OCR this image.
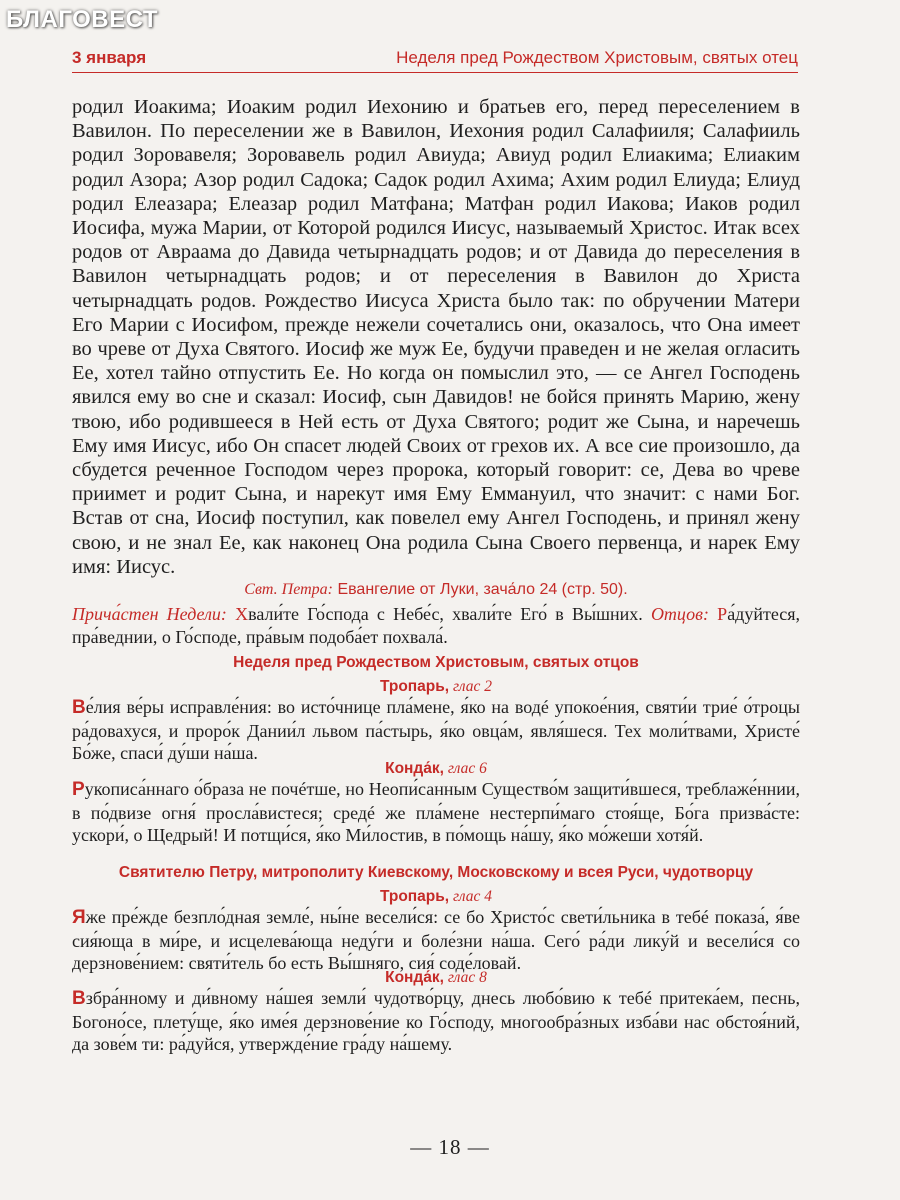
БЛАГОВЕСТ
3 января	Неделя пред Рождеством Христовым, святых отец
родил Иоакима; Иоаким родил Иехонию и братьев его, перед переселением в Вавилон. По переселении же в Вавилон, Иехония родил Салафииля; Салафииль родил Зоровавеля; Зоровавель родил Авиуда; Авиуд родил Елиакима; Елиаким родил Азора; Азор родил Садока; Садок родил Ахима; Ахим родил Елиуда; Елиуд родил Елеазара; Елеазар родил Матфана; Матфан родил Иакова; Иаков родил Иосифа, мужа Марии, от Которой родился Иисус, называемый Христос. Итак всех родов от Авраама до Давида четырнадцать родов; и от Давида до переселения в Вавилон четырнадцать родов; и от переселения в Вавилон до Христа четырнадцать родов. Рождество Иисуса Христа было так: по обручении Матери Его Марии с Иосифом, прежде нежели сочетались они, оказалось, что Она имеет во чреве от Духа Святого. Иосиф же муж Ее, будучи праведен и не желая огласить Ее, хотел тайно отпустить Ее. Но когда он помыслил это, — се Ангел Господень явился ему во сне и сказал: Иосиф, сын Давидов! не бойся принять Марию, жену твою, ибо родившееся в Ней есть от Духа Святого; родит же Сына, и наречешь Ему имя Иисус, ибо Он спасет людей Своих от грехов их. А все сие произошло, да сбудется реченное Господом через пророка, который говорит: се, Дева во чреве приимет и родит Сына, и нарекут имя Ему Еммануил, что значит: с нами Бог. Встав от сна, Иосиф поступил, как повелел ему Ангел Господень, и принял жену свою, и не знал Ее, как наконец Она родила Сына Своего первенца, и нарек Ему имя: Иисус.
Свт. Петра: Евангелие от Луки, зача́ло 24 (стр. 50).
Прича́стен Недели: Хвали́те Го́спода с Небе́с, хвали́те Его́ в Вы́шних. Отцов: Ра́дуйтеся, пра́веднии, о Го́споде, пра́вым подоба́ет похвала́.
Неделя пред Рождеством Христовым, святых отцов
Тропарь, глас 2
Ве́лия ве́ры исправле́ния: во исто́чнице пла́мене, я́ко на водé упокое́ния, святи́и трие́ о́троцы ра́довахуся, и проро́к Дании́л львом па́стырь, я́ко овца́м, явля́шеся. Тех моли́твами, Христе́ Бо́же, спаси́ ду́ши на́ша.
Конда́к, глас 6
Рукописа́ннаго о́браза не почéтше, но Неопи́санным Существо́м защити́вшеся, треблаже́ннии, в по́двизе огня́ просла́вистеся; средé же пла́мене нестерпи́маго стоя́ще, Бо́га призва́сте: ускори́, о Щедрый! И потщи́ся, я́ко Ми́лостив, в по́мощь на́шу, я́ко мо́жеши хотя́й.
Святителю Петру, митрополиту Киевскому, Московскому и всея Руси, чудотворцу
Тропарь, глас 4
Яже пре́жде безпло́дная земле́, ны́не весели́ся: се бо Христо́с свети́льника в тебé показа́, я́ве сия́юща в ми́ре, и исцелева́юща неду́ги и боле́зни на́ша. Сего́ ра́ди лику́й и весели́ся со дерзнове́нием: святи́тель бо есть Вы́шняго, сия́ соде́ловай.
Конда́к, глас 8
Взбра́нному и ди́вному на́шея земли́ чудотво́рцу, днесь любо́вию к тебé притека́ем, песнь, Богоно́се, плету́ще, я́ко име́я дерзнове́ние ко Го́споду, многообра́зных изба́ви нас обстоя́ний, да зове́м ти: ра́дуйся, утвержде́ние гра́ду на́шему.
— 18 —
